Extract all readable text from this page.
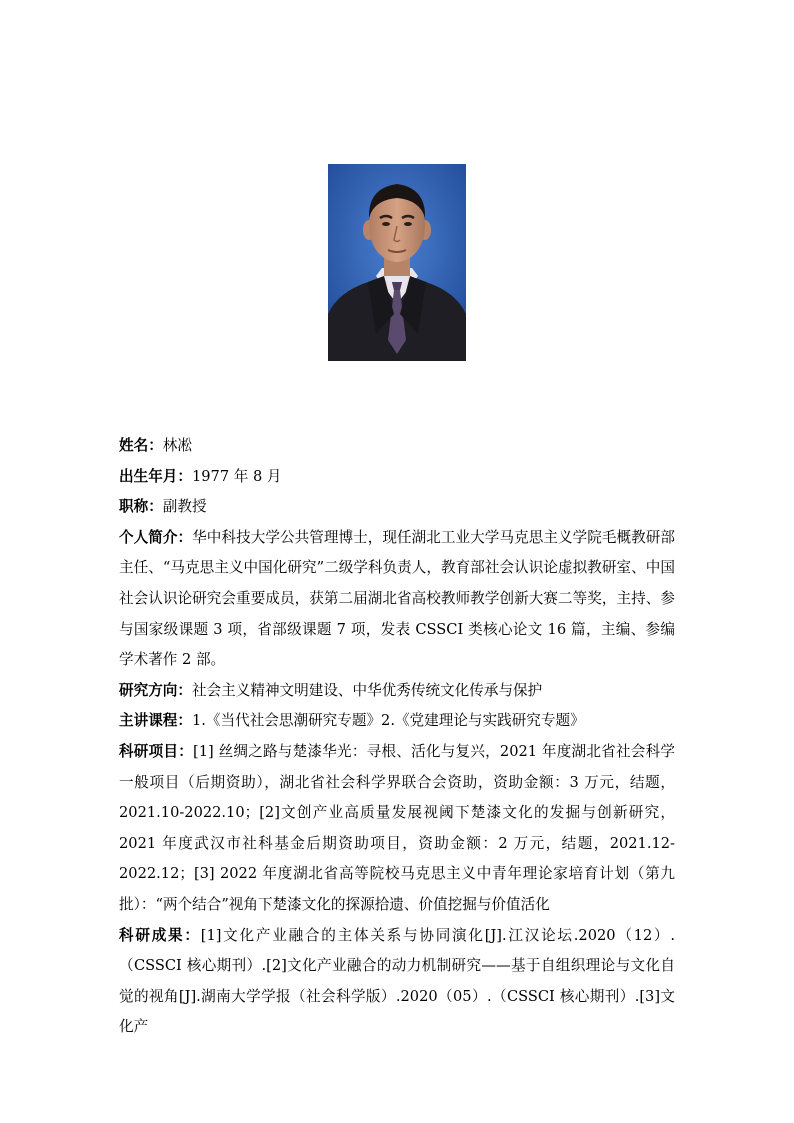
姓名：林凇

出生年月：1977 年 8 月

职称：副教授

个人简介：华中科技大学公共管理博士，现任湖北工业大学马克思主义学院毛概教研部主任、“马克思主义中国化研究”二级学科负责人，教育部社会认识论虚拟教研室、中国社会认识论研究会重要成员，获第二届湖北省高校教师教学创新大赛二等奖，主持、参与国家级课题 3 项，省部级课题 7 项，发表 CSSCI 类核心论文 16 篇，主编、参编学术著作 2 部。

研究方向：社会主义精神文明建设、中华优秀传统文化传承与保护

主讲课程：1.《当代社会思潮研究专题》2.《党建理论与实践研究专题》

科研项目：[1] 丝绸之路与楚漆华光：寻根、活化与复兴，2021 年度湖北省社会科学一般项目（后期资助），湖北省社会科学界联合会资助，资助金额：3 万元，结题，2021.10-2022.10；[2]文创产业高质量发展视阈下楚漆文化的发掘与创新研究，2021 年度武汉市社科基金后期资助项目，资助金额：2 万元，结题，2021.12-2022.12；[3] 2022 年度湖北省高等院校马克思主义中青年理论家培育计划（第九批）：“两个结合”视角下楚漆文化的探源拾遗、价值挖掘与价值活化

科研成果：[1]文化产业融合的主体关系与协同演化[J].江汉论坛.2020（12）.（CSSCI 核心期刊）.[2]文化产业融合的动力机制研究——基于自组织理论与文化自觉的视角[J].湖南大学学报（社会科学版）.2020（05）.（CSSCI 核心期刊）.[3]文化产
